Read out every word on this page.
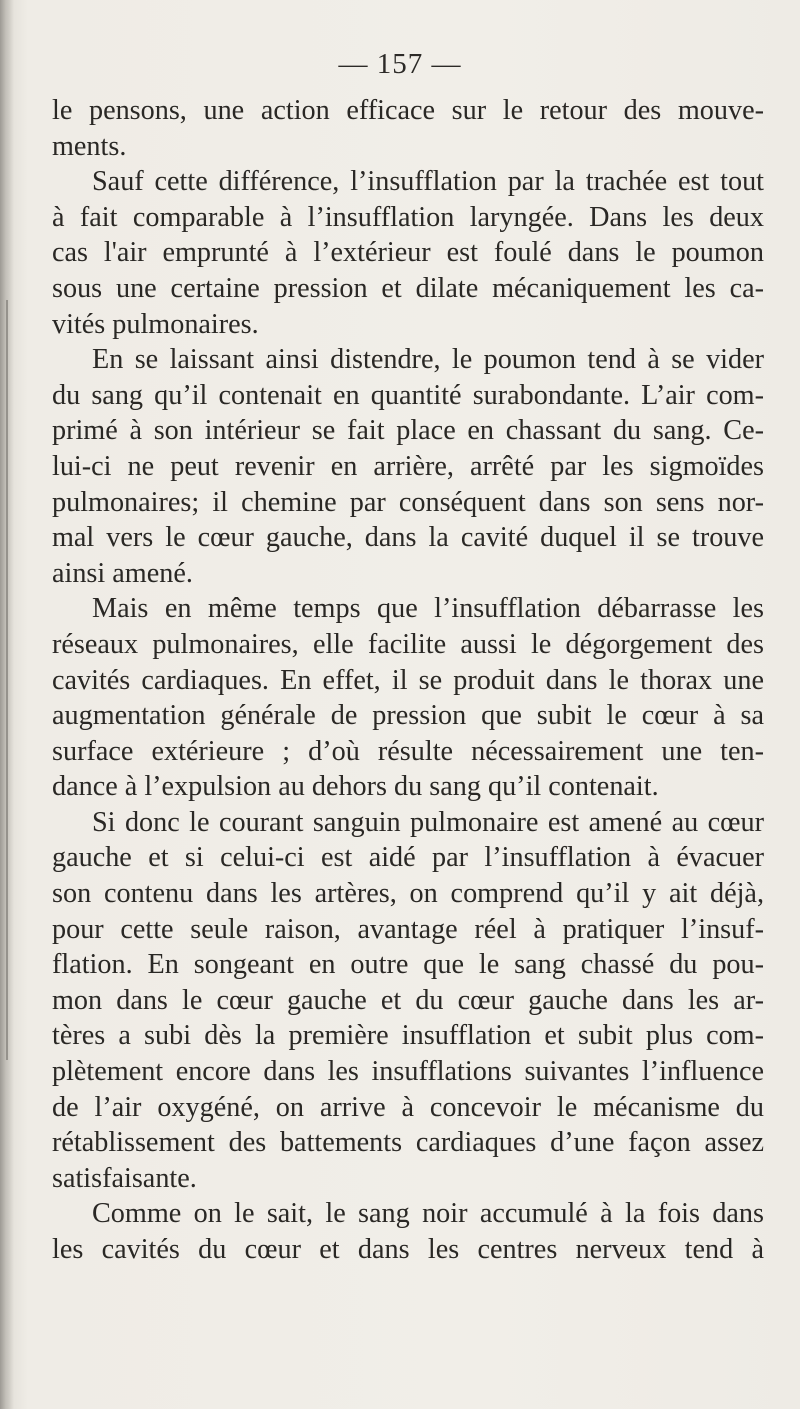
— 157 —
le pensons, une action efficace sur le retour des mouve-
ments.
Sauf cette différence, l’insufflation par la trachée est tout
à fait comparable à l’insufflation laryngée. Dans les deux
cas l'air emprunté à l’extérieur est foulé dans le poumon
sous une certaine pression et dilate mécaniquement les ca-
vités pulmonaires.
En se laissant ainsi distendre, le poumon tend à se vider
du sang qu’il contenait en quantité surabondante. L’air com-
primé à son intérieur se fait place en chassant du sang. Ce-
lui-ci ne peut revenir en arrière, arrêté par les sigmoïdes
pulmonaires; il chemine par conséquent dans son sens nor-
mal vers le cœur gauche, dans la cavité duquel il se trouve
ainsi amené.
Mais en même temps que l’insufflation débarrasse les
réseaux pulmonaires, elle facilite aussi le dégorgement des
cavités cardiaques. En effet, il se produit dans le thorax une
augmentation générale de pression que subit le cœur à sa
surface extérieure ; d’où résulte nécessairement une ten-
dance à l’expulsion au dehors du sang qu’il contenait.
Si donc le courant sanguin pulmonaire est amené au cœur
gauche et si celui-ci est aidé par l’insufflation à évacuer
son contenu dans les artères, on comprend qu’il y ait déjà,
pour cette seule raison, avantage réel à pratiquer l’insuf-
flation. En songeant en outre que le sang chassé du pou-
mon dans le cœur gauche et du cœur gauche dans les ar-
tères a subi dès la première insufflation et subit plus com-
plètement encore dans les insufflations suivantes l’influence
de l’air oxygéné, on arrive à concevoir le mécanisme du
rétablissement des battements cardiaques d’une façon assez
satisfaisante.
Comme on le sait, le sang noir accumulé à la fois dans
les cavités du cœur et dans les centres nerveux tend à
